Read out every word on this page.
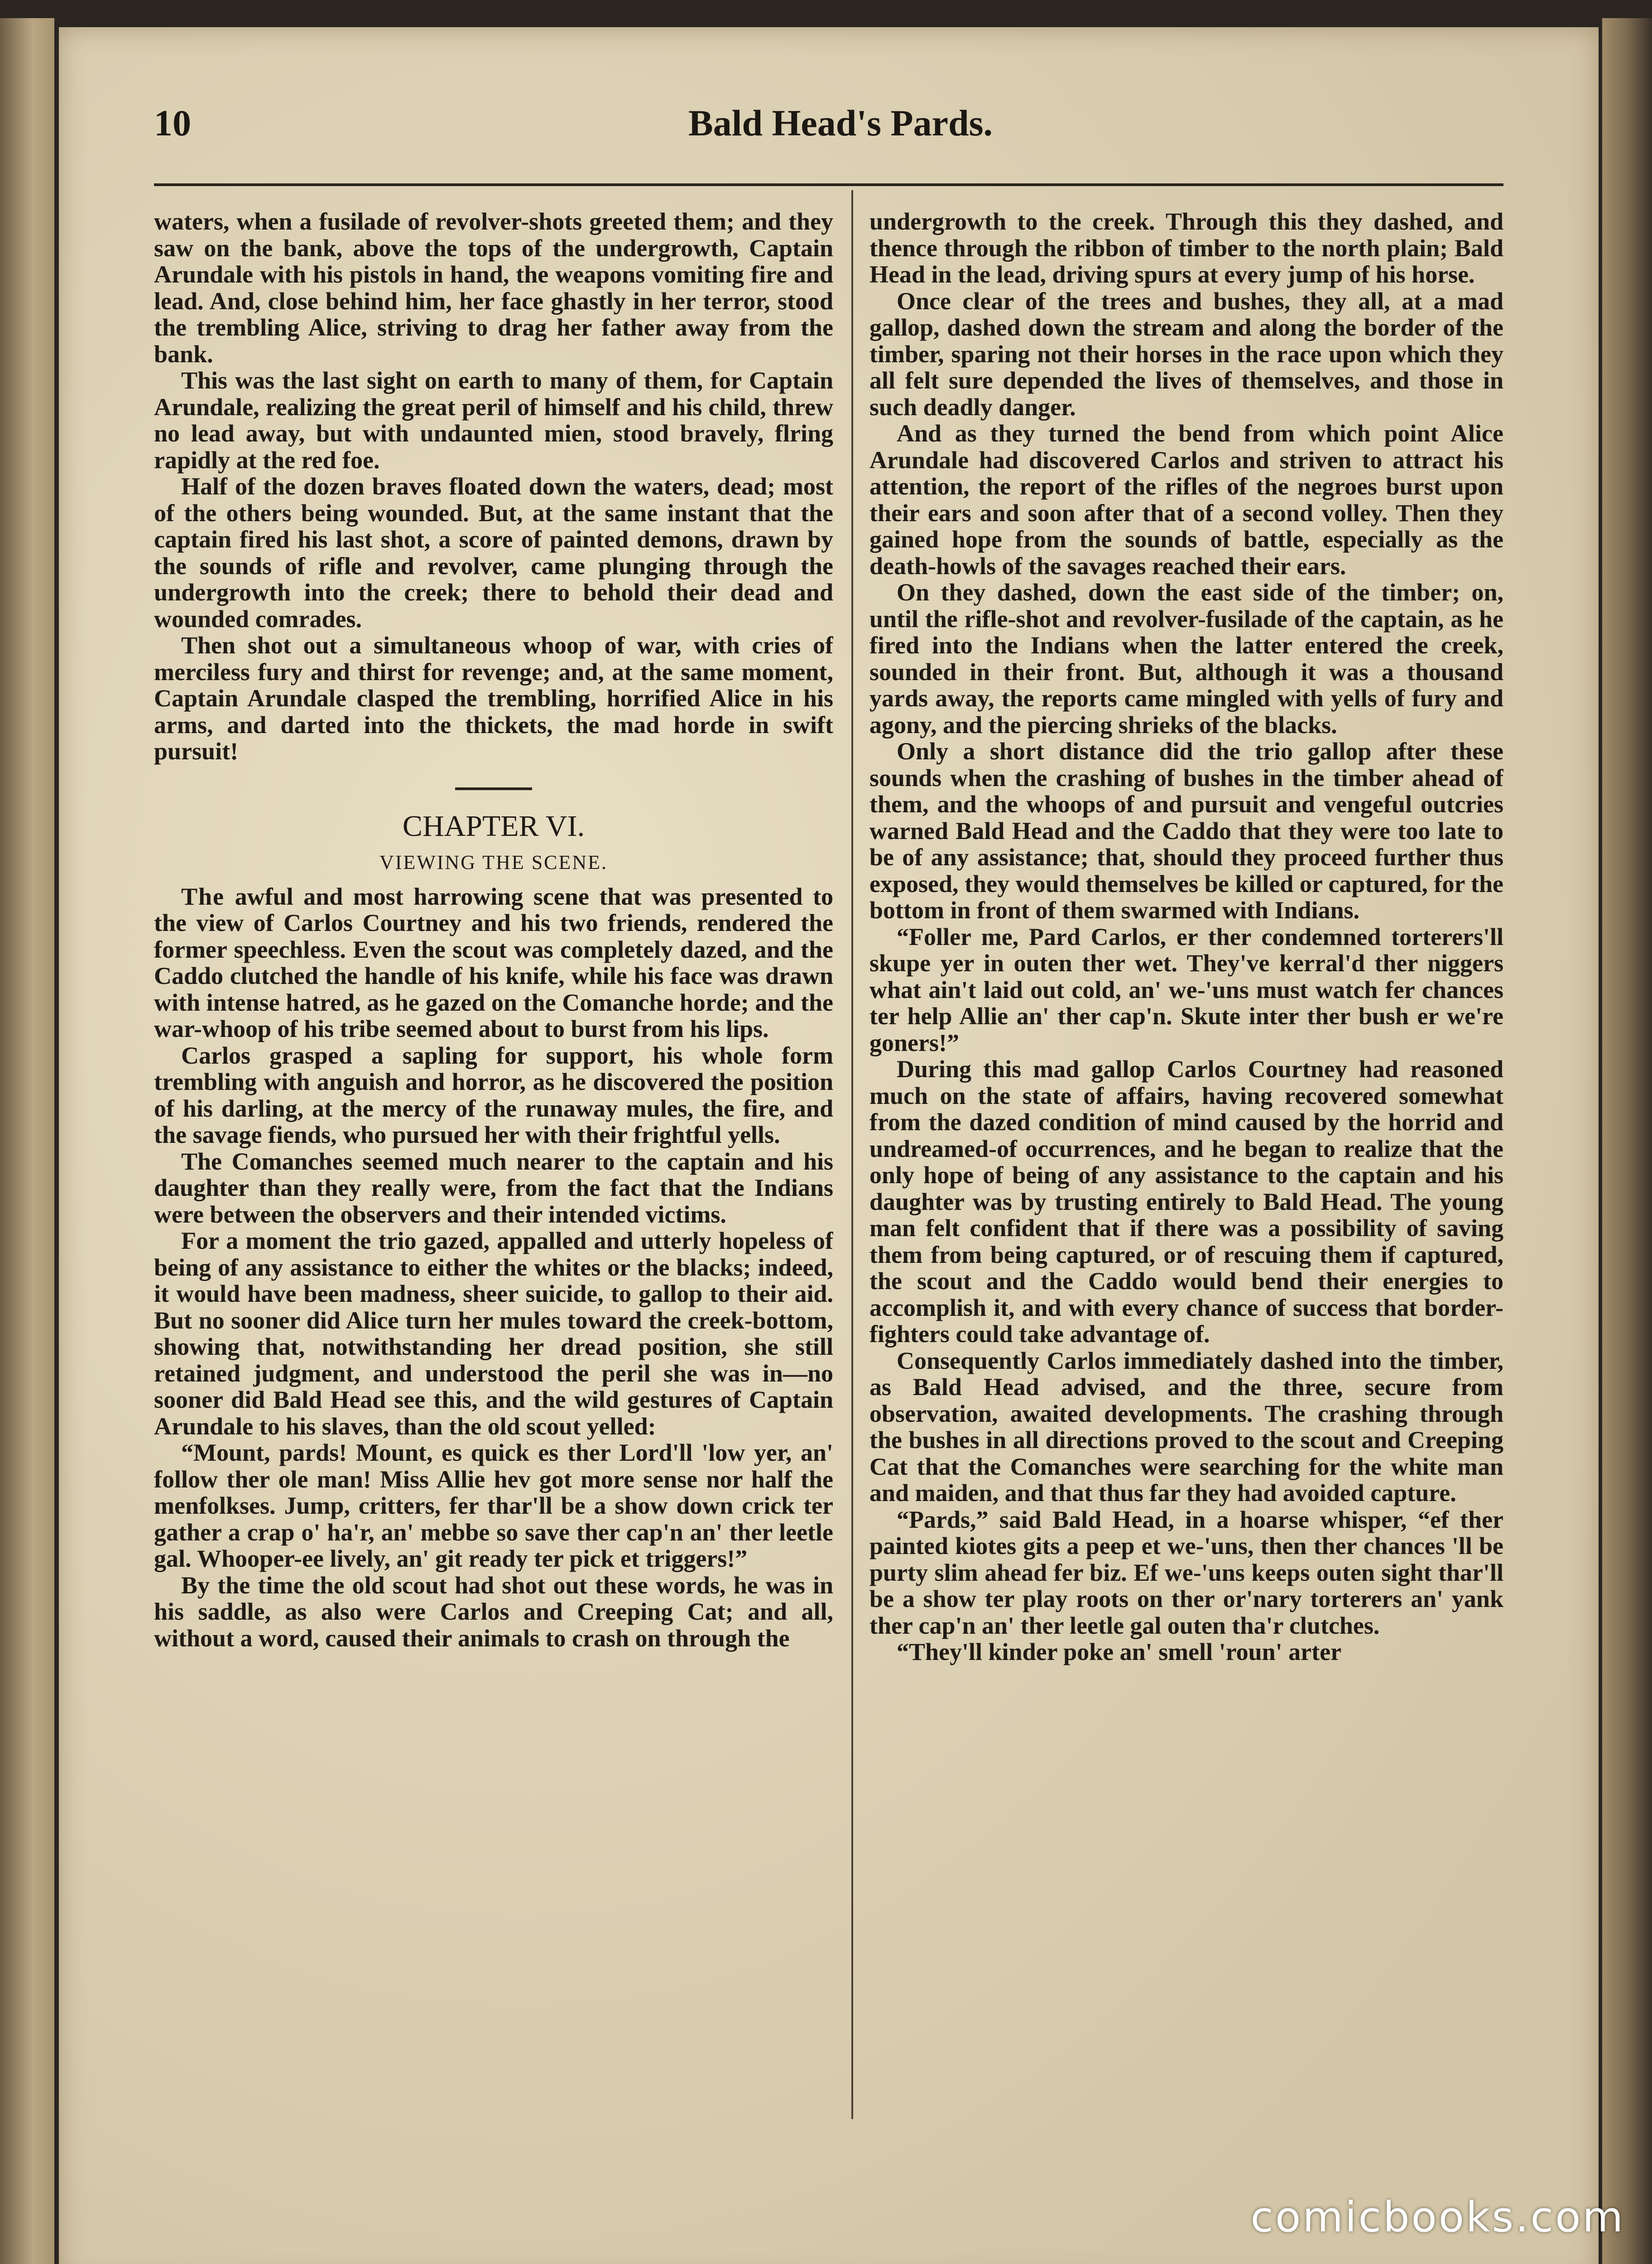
10	Bald Head's Pards.

waters, when a fusilade of revolver-shots greeted them; and they saw on the bank, above the tops of the undergrowth, Captain Arundale with his pistols in hand, the weapons vomiting fire and lead. And, close behind him, her face ghastly in her terror, stood the trembling Alice, striving to drag her father away from the bank.

This was the last sight on earth to many of them, for Captain Arundale, realizing the great peril of himself and his child, threw no lead away, but with undaunted mien, stood bravely, flring rapidly at the red foe.

Half of the dozen braves floated down the waters, dead; most of the others being wounded. But, at the same instant that the captain fired his last shot, a score of painted demons, drawn by the sounds of rifle and revolver, came plunging through the undergrowth into the creek; there to behold their dead and wounded comrades.

Then shot out a simultaneous whoop of war, with cries of merciless fury and thirst for revenge; and, at the same moment, Captain Arundale clasped the trembling, horrified Alice in his arms, and darted into the thickets, the mad horde in swift pursuit!

CHAPTER VI.
VIEWING THE SCENE.

The awful and most harrowing scene that was presented to the view of Carlos Courtney and his two friends, rendered the former speechless. Even the scout was completely dazed, and the Caddo clutched the handle of his knife, while his face was drawn with intense hatred, as he gazed on the Comanche horde; and the war-whoop of his tribe seemed about to burst from his lips.

Carlos grasped a sapling for support, his whole form trembling with anguish and horror, as he discovered the position of his darling, at the mercy of the runaway mules, the fire, and the savage fiends, who pursued her with their frightful yells.

The Comanches seemed much nearer to the captain and his daughter than they really were, from the fact that the Indians were between the observers and their intended victims.

For a moment the trio gazed, appalled and utterly hopeless of being of any assistance to either the whites or the blacks; indeed, it would have been madness, sheer suicide, to gallop to their aid. But no sooner did Alice turn her mules toward the creek-bottom, showing that, notwithstanding her dread position, she still retained judgment, and understood the peril she was in—no sooner did Bald Head see this, and the wild gestures of Captain Arundale to his slaves, than the old scout yelled:

“Mount, pards! Mount, es quick es ther Lord'll 'low yer, an' follow ther ole man! Miss Allie hev got more sense nor half the menfolkses. Jump, critters, fer thar'll be a show down crick ter gather a crap o' ha'r, an' mebbe so save ther cap'n an' ther leetle gal. Whooper-ee lively, an' git ready ter pick et triggers!”

By the time the old scout had shot out these words, he was in his saddle, as also were Carlos and Creeping Cat; and all, without a word, caused their animals to crash on through the

undergrowth to the creek. Through this they dashed, and thence through the ribbon of timber to the north plain; Bald Head in the lead, driving spurs at every jump of his horse.

Once clear of the trees and bushes, they all, at a mad gallop, dashed down the stream and along the border of the timber, sparing not their horses in the race upon which they all felt sure depended the lives of themselves, and those in such deadly danger.

And as they turned the bend from which point Alice Arundale had discovered Carlos and striven to attract his attention, the report of the rifles of the negroes burst upon their ears and soon after that of a second volley. Then they gained hope from the sounds of battle, especially as the death-howls of the savages reached their ears.

On they dashed, down the east side of the timber; on, until the rifle-shot and revolver-fusilade of the captain, as he fired into the Indians when the latter entered the creek, sounded in their front. But, although it was a thousand yards away, the reports came mingled with yells of fury and agony, and the piercing shrieks of the blacks.

Only a short distance did the trio gallop after these sounds when the crashing of bushes in the timber ahead of them, and the whoops of and pursuit and vengeful outcries warned Bald Head and the Caddo that they were too late to be of any assistance; that, should they proceed further thus exposed, they would themselves be killed or captured, for the bottom in front of them swarmed with Indians.

“Foller me, Pard Carlos, er ther condemned torterers'll skupe yer in outen ther wet. They've kerral'd ther niggers what ain't laid out cold, an' we-'uns must watch fer chances ter help Allie an' ther cap'n. Skute inter ther bush er we're goners!”

During this mad gallop Carlos Courtney had reasoned much on the state of affairs, having recovered somewhat from the dazed condition of mind caused by the horrid and undreamed-of occurrences, and he began to realize that the only hope of being of any assistance to the captain and his daughter was by trusting entirely to Bald Head. The young man felt confident that if there was a possibility of saving them from being captured, or of rescuing them if captured, the scout and the Caddo would bend their energies to accomplish it, and with every chance of success that border-fighters could take advantage of.

Consequently Carlos immediately dashed into the timber, as Bald Head advised, and the three, secure from observation, awaited developments. The crashing through the bushes in all directions proved to the scout and Creeping Cat that the Comanches were searching for the white man and maiden, and that thus far they had avoided capture.

“Pards,” said Bald Head, in a hoarse whisper, “ef ther painted kiotes gits a peep et we-'uns, then ther chances 'll be purty slim ahead fer biz. Ef we-'uns keeps outen sight thar'll be a show ter play roots on ther or'nary torterers an' yank ther cap'n an' ther leetle gal outen tha'r clutches.

“They'll kinder poke an' smell 'roun' arter

comicbooks.com
